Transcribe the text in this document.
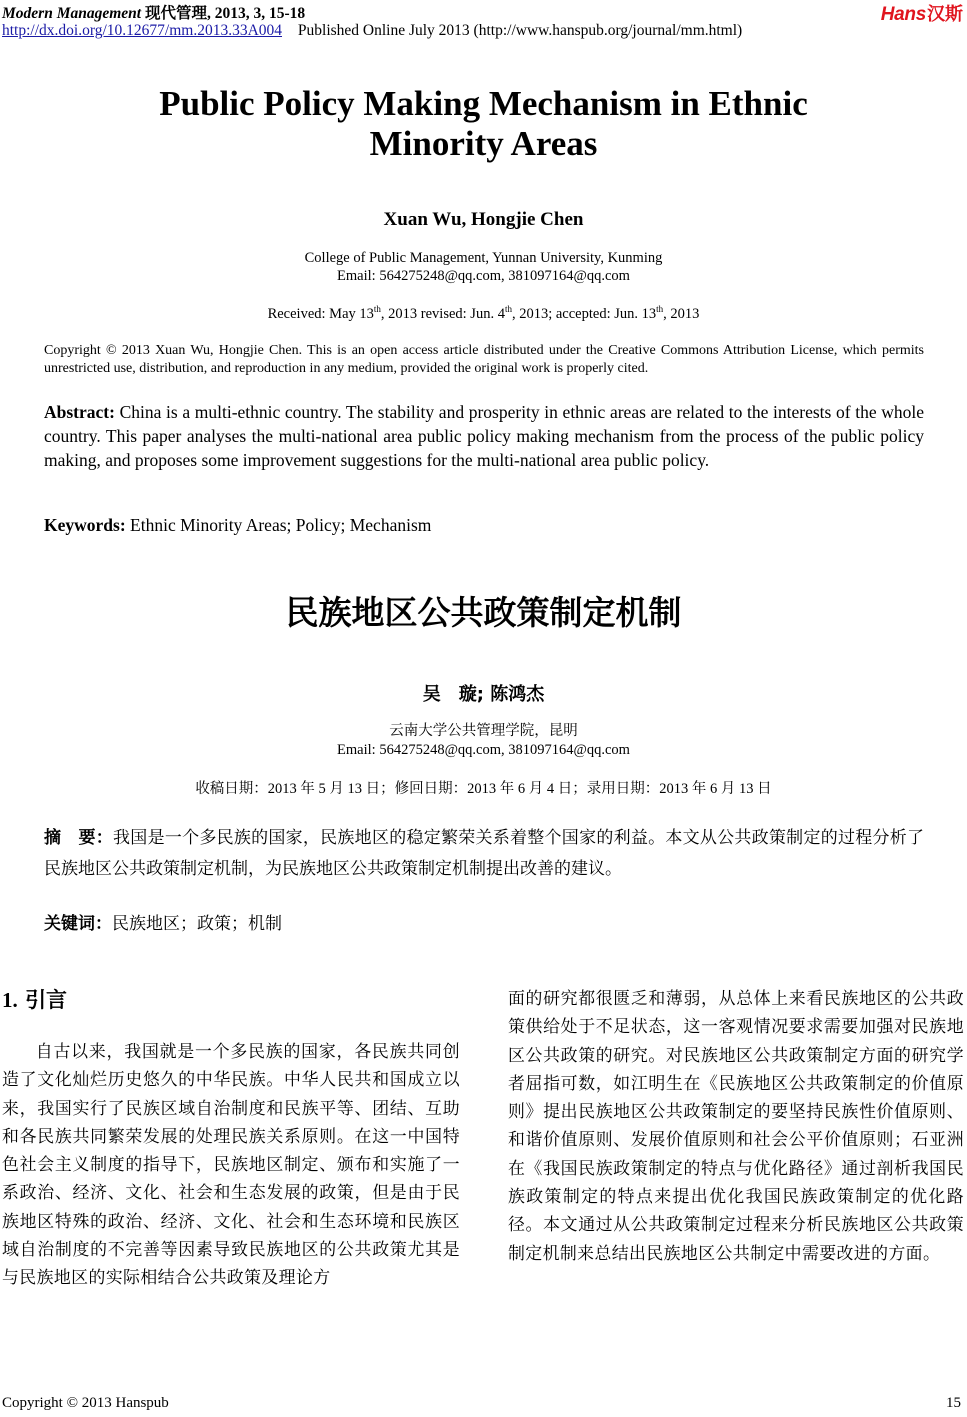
Modern Management 现代管理, 2013, 3, 15-18
http://dx.doi.org/10.12677/mm.2013.33A004 Published Online July 2013 (http://www.hanspub.org/journal/mm.html)
Hans汉斯
Public Policy Making Mechanism in Ethnic
Minority Areas
Xuan Wu, Hongjie Chen
College of Public Management, Yunnan University, Kunming
Email: 564275248@qq.com, 381097164@qq.com
Received: May 13th, 2013 revised: Jun. 4th, 2013; accepted: Jun. 13th, 2013
Copyright © 2013 Xuan Wu, Hongjie Chen. This is an open access article distributed under the Creative Commons Attribution License, which permits unrestricted use, distribution, and reproduction in any medium, provided the original work is properly cited.
Abstract: China is a multi-ethnic country. The stability and prosperity in ethnic areas are related to the interests of the whole country. This paper analyses the multi-national area public policy making mechanism from the process of the public policy making, and proposes some improvement suggestions for the multi-national area public policy.
Keywords: Ethnic Minority Areas; Policy; Mechanism
民族地区公共政策制定机制
吴　璇; 陈鸿杰
云南大学公共管理学院，昆明
Email: 564275248@qq.com, 381097164@qq.com
收稿日期：2013 年 5 月 13 日；修回日期：2013 年 6 月 4 日；录用日期：2013 年 6 月 13 日
摘　要：我国是一个多民族的国家，民族地区的稳定繁荣关系着整个国家的利益。本文从公共政策制定的过程分析了民族地区公共政策制定机制，为民族地区公共政策制定机制提出改善的建议。
关键词：民族地区；政策；机制
1. 引言
自古以来，我国就是一个多民族的国家，各民族共同创造了文化灿烂历史悠久的中华民族。中华人民共和国成立以来，我国实行了民族区域自治制度和民族平等、团结、互助和各民族共同繁荣发展的处理民族关系原则。在这一中国特色社会主义制度的指导下，民族地区制定、颁布和实施了一系政治、经济、文化、社会和生态发展的政策，但是由于民族地区特殊的政治、经济、文化、社会和生态环境和民族区域自治制度的不完善等因素导致民族地区的公共政策尤其是与民族地区的实际相结合公共政策及理论方
面的研究都很匮乏和薄弱，从总体上来看民族地区的公共政策供给处于不足状态，这一客观情况要求需要加强对民族地区公共政策的研究。对民族地区公共政策制定方面的研究学者屈指可数，如江明生在《民族地区公共政策制定的价值原则》提出民族地区公共政策制定的要坚持民族性价值原则、和谐价值原则、发展价值原则和社会公平价值原则；石亚洲在《我国民族政策制定的特点与优化路径》通过剖析我国民族政策制定的特点来提出优化我国民族政策制定的优化路径。本文通过从公共政策制定过程来分析民族地区公共政策制定机制来总结出民族地区公共制定中需要改进的方面。
Copyright © 2013 Hanspub	15
